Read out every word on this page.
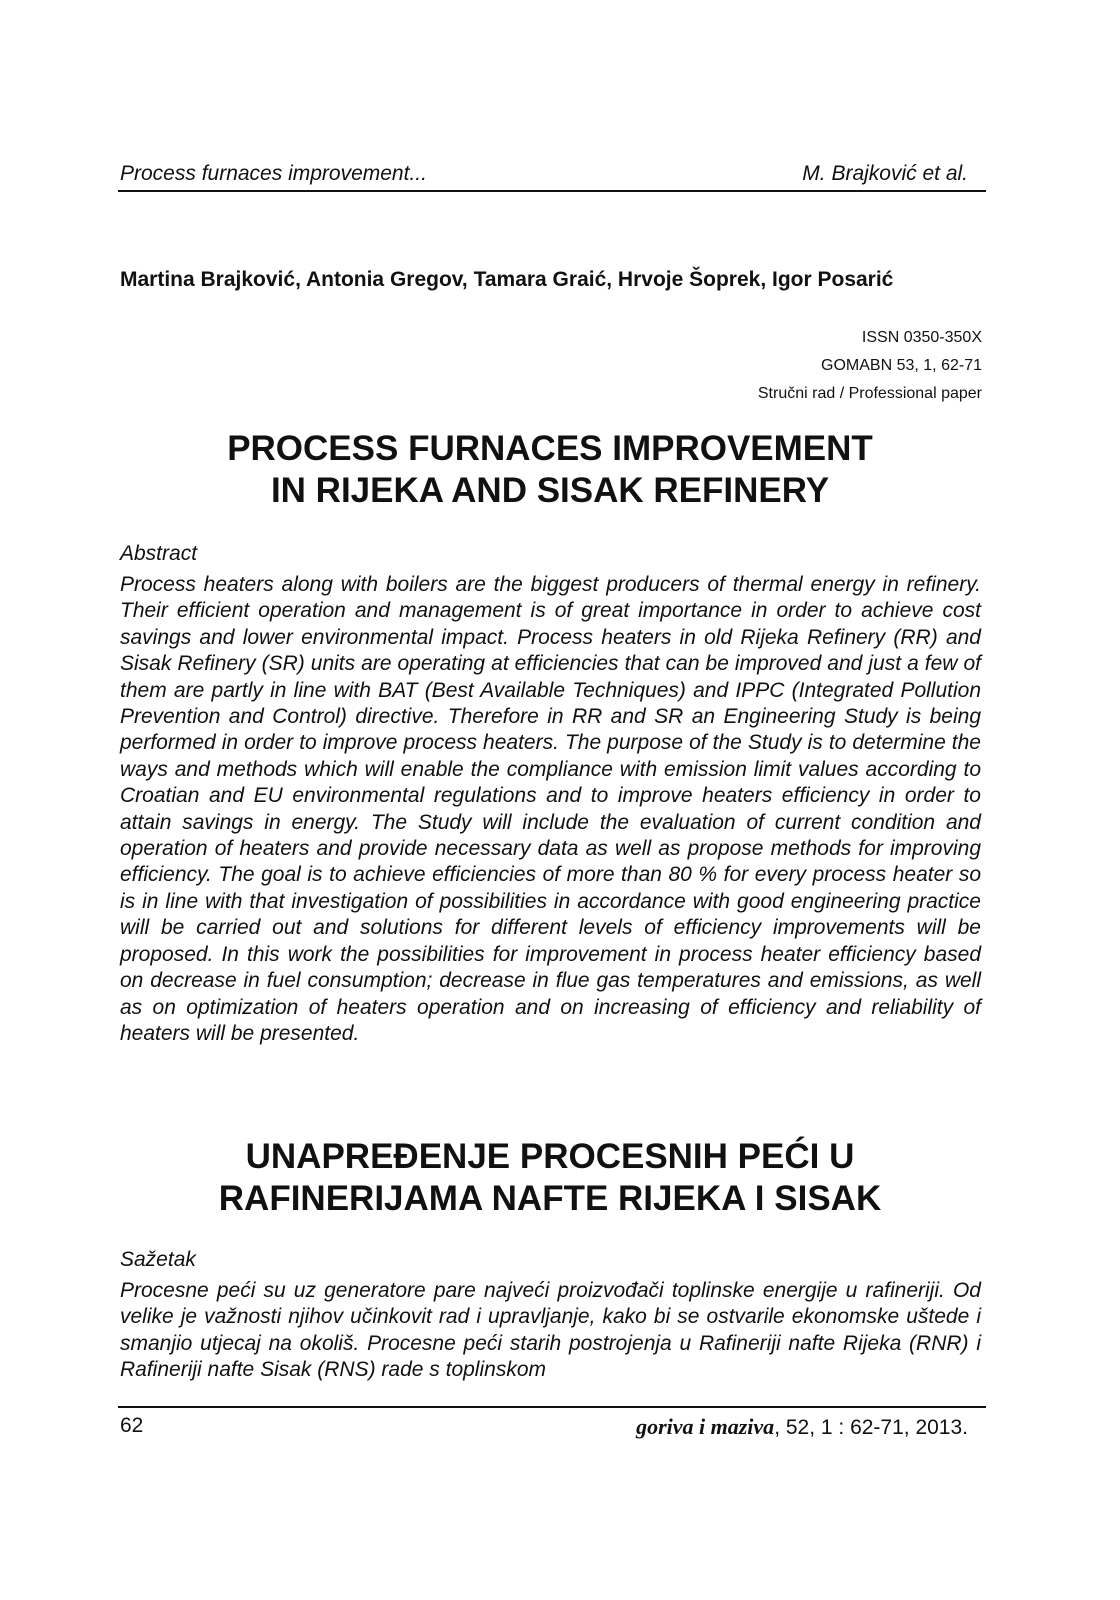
Process furnaces improvement...	M. Brajković et al.
Martina Brajković, Antonia Gregov, Tamara Graić, Hrvoje Šoprek, Igor Posarić
ISSN 0350-350X
GOMABN 53, 1, 62-71
Stručni rad / Professional paper
PROCESS FURNACES IMPROVEMENT
IN RIJEKA AND SISAK REFINERY
Abstract

Process heaters along with boilers are the biggest producers of thermal energy in refinery. Their efficient operation and management is of great importance in order to achieve cost savings and lower environmental impact. Process heaters in old Rijeka Refinery (RR) and Sisak Refinery (SR) units are operating at efficiencies that can be improved and just a few of them are partly in line with BAT (Best Available Techniques) and IPPC (Integrated Pollution Prevention and Control) directive. Therefore in RR and SR an Engineering Study is being performed in order to improve process heaters. The purpose of the Study is to determine the ways and methods which will enable the compliance with emission limit values according to Croatian and EU environmental regulations and to improve heaters efficiency in order to attain savings in energy. The Study will include the evaluation of current condition and operation of heaters and provide necessary data as well as propose methods for improving efficiency. The goal is to achieve efficiencies of more than 80 % for every process heater so is in line with that investigation of possibilities in accordance with good engineering practice will be carried out and solutions for different levels of efficiency improvements will be proposed. In this work the possibilities for improvement in process heater efficiency based on decrease in fuel consumption; decrease in flue gas temperatures and emissions, as well as on optimization of heaters operation and on increasing of efficiency and reliability of heaters will be presented.

UNAPREĐENJE PROCESNIH PEĆI U
RAFINERIJAMA NAFTE RIJEKA I SISAK
Sažetak

Procesne peći su uz generatore pare najveći proizvođači toplinske energije u rafineriji. Od velike je važnosti njihov učinkovit rad i upravljanje, kako bi se ostvarile ekonomske uštede i smanjio utjecaj na okoliš. Procesne peći starih postrojenja u Rafineriji nafte Rijeka (RNR) i Rafineriji nafte Sisak (RNS) rade s toplinskom

62	goriva i maziva, 52, 1 : 62-71, 2013.
